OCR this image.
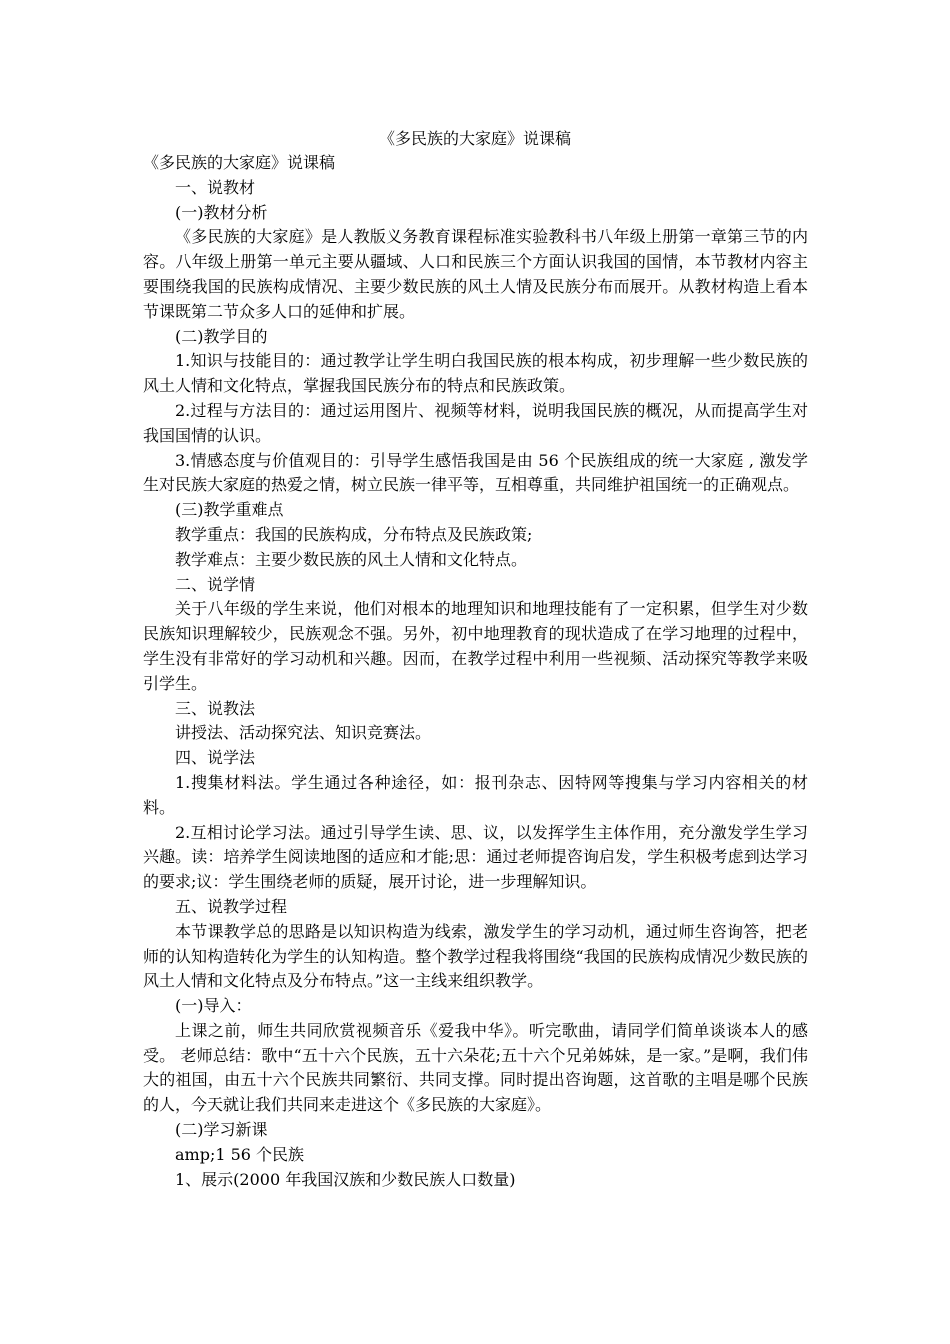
《多民族的大家庭》说课稿

《多民族的大家庭》说课稿

一、说教材

(一)教材分析

《多民族的大家庭》是人教版义务教育课程标准实验教科书八年级上册第一章第三节的内容。八年级上册第一单元主要从疆域、人口和民族三个方面认识我国的国情，本节教材内容主要围绕我国的民族构成情况、主要少数民族的风土人情及民族分布而展开。从教材构造上看本节课既第二节众多人口的延伸和扩展。

(二)教学目的

1.知识与技能目的：通过教学让学生明白我国民族的根本构成，初步理解一些少数民族的风土人情和文化特点，掌握我国民族分布的特点和民族政策。

2.过程与方法目的：通过运用图片、视频等材料，说明我国民族的概况，从而提高学生对我国国情的认识。

3.情感态度与价值观目的：引导学生感悟我国是由 56 个民族组成的统一大家庭 , 激发学生对民族大家庭的热爱之情，树立民族一律平等，互相尊重，共同维护祖国统一的正确观点。

(三)教学重难点

教学重点：我国的民族构成，分布特点及民族政策;

教学难点：主要少数民族的风土人情和文化特点。

二、说学情

关于八年级的学生来说，他们对根本的地理知识和地理技能有了一定积累，但学生对少数民族知识理解较少，民族观念不强。另外，初中地理教育的现状造成了在学习地理的过程中，学生没有非常好的学习动机和兴趣。因而，在教学过程中利用一些视频、活动探究等教学来吸引学生。

三、说教法

讲授法、活动探究法、知识竞赛法。

四、说学法

1.搜集材料法。学生通过各种途径，如：报刊杂志、因特网等搜集与学习内容相关的材料。

2.互相讨论学习法。通过引导学生读、思、议，以发挥学生主体作用，充分激发学生学习兴趣。读：培养学生阅读地图的适应和才能;思：通过老师提咨询启发，学生积极考虑到达学习的要求;议：学生围绕老师的质疑，展开讨论，进一步理解知识。

五、说教学过程

本节课教学总的思路是以知识构造为线索，激发学生的学习动机，通过师生咨询答，把老师的认知构造转化为学生的认知构造。整个教学过程我将围绕“我国的民族构成情况少数民族的风土人情和文化特点及分布特点。”这一主线来组织教学。

(一)导入：

上课之前，师生共同欣赏视频音乐《爱我中华》。听完歌曲，请同学们简单谈谈本人的感受。 老师总结：歌中“五十六个民族，五十六朵花;五十六个兄弟姊妹，是一家。”是啊，我们伟大的祖国，由五十六个民族共同繁衍、共同支撑。同时提出咨询题，这首歌的主唱是哪个民族的人，今天就让我们共同来走进这个《多民族的大家庭》。

(二)学习新课

amp;1 56 个民族

1、展示(2000 年我国汉族和少数民族人口数量)
